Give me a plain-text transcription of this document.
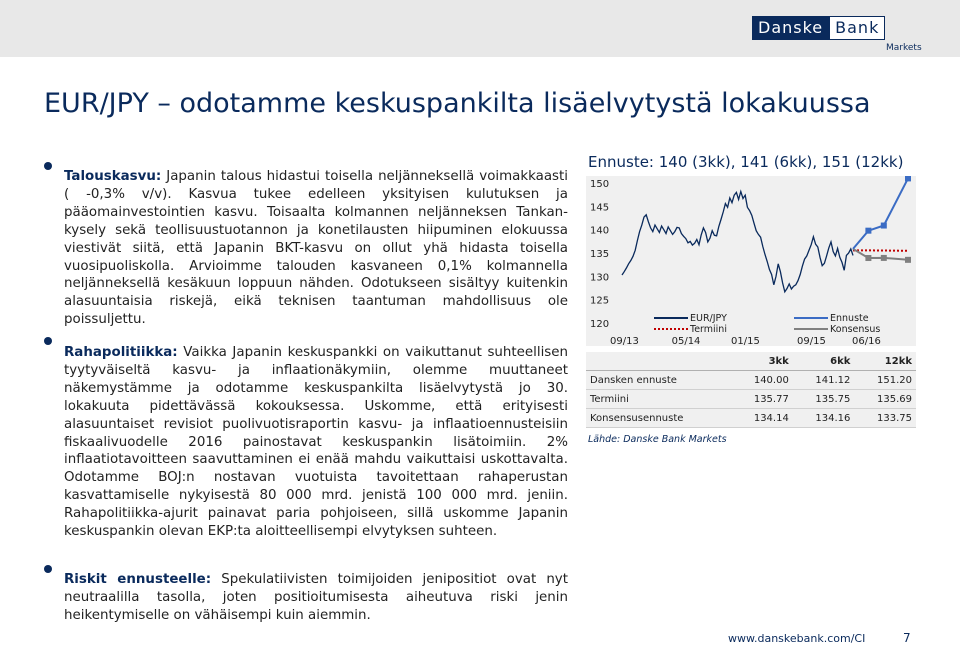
Danske Bank
Markets
EUR/JPY – odotamme keskuspankilta lisäelvytystä lokakuussa
Talouskasvu: Japanin talous hidastui toisella neljänneksellä voimakkaasti ( -0,3% v/v). Kasvua tukee edelleen yksityisen kulutuksen ja pääomainvestointien kasvu. Toisaalta kolmannen neljänneksen Tankan-kysely sekä teollisuustuotannon ja konetilausten hiipuminen elokuussa viestivät siitä, että Japanin BKT-kasvu on ollut yhä hidasta toisella vuosipuoliskolla. Arvioimme talouden kasvaneen 0,1% kolmannella neljänneksellä kesäkuun loppuun nähden. Odotukseen sisältyy kuitenkin alasuuntaisia riskejä, eikä teknisen taantuman mahdollisuus ole poissuljettu.
Rahapolitiikka: Vaikka Japanin keskuspankki on vaikuttanut suhteellisen tyytyväiseltä kasvu- ja inflaationäkymiin, olemme muuttaneet näkemystämme ja odotamme keskuspankilta lisäelvytystä jo 30. lokakuuta pidettävässä kokouksessa. Uskomme, että erityisesti alasuuntaiset revisiot puolivuotisraportin kasvu- ja inflaatioennusteisiin fiskaalivuodelle 2016 painostavat keskuspankin lisätoimiin. 2% inflaatiotavoitteen saavuttaminen ei enää mahdu vaikuttaisi uskottavalta. Odotamme BOJ:n nostavan vuotuista tavoitettaan rahaperustan kasvattamiselle nykyisestä 80 000 mrd. jenistä 100 000 mrd. jeniin. Rahapolitiikka-ajurit painavat paria pohjoiseen, sillä uskomme Japanin keskuspankin olevan EKP:ta aloitteellisempi elvytyksen suhteen.
Riskit ennusteelle: Spekulatiivisten toimijoiden jenipositiot ovat nyt neutraalilla tasolla, joten positioitumisesta aiheutuva riski jenin heikentymiselle on vähäisempi kuin aiemmin.
Ennuste: 140 (3kk), 141 (6kk), 151 (12kk)
120
125
130
135
140
145
150
09/13	05/14	01/15	09/15	06/16
EUR/JPY
Termiini
Ennuste
Konsensus
	3kk	6kk	12kk
Dansken ennuste	140.00	141.12	151.20
Termiini	135.77	135.75	135.69
Konsensusennuste	134.14	134.16	133.75
Lähde: Danske Bank Markets
www.danskebank.com/CI	7
